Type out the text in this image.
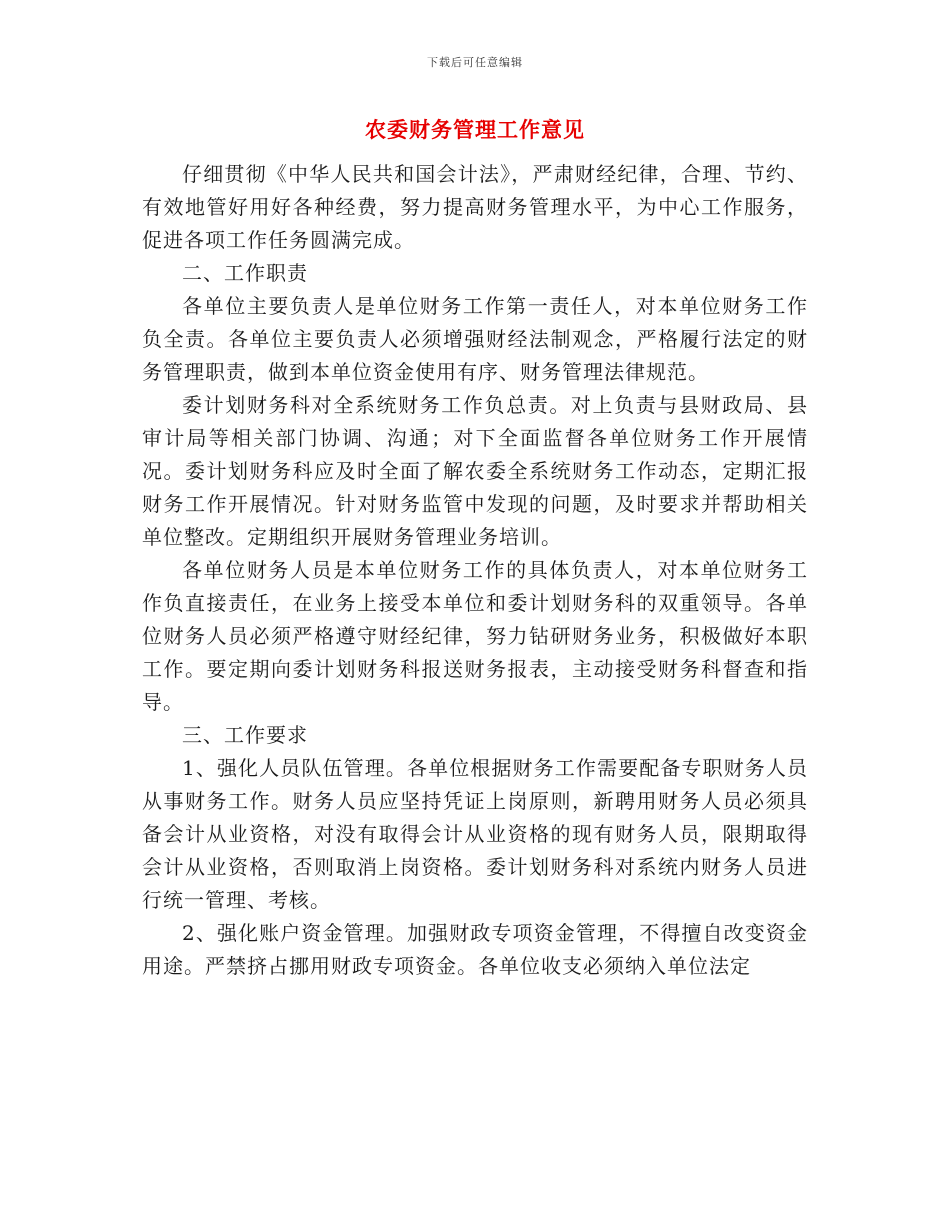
下载后可任意编辑
农委财务管理工作意见

仔细贯彻《中华人民共和国会计法》，严肃财经纪律，合理、节约、有效地管好用好各种经费，努力提高财务管理水平，为中心工作服务，促进各项工作任务圆满完成。

二、工作职责

各单位主要负责人是单位财务工作第一责任人，对本单位财务工作负全责。各单位主要负责人必须增强财经法制观念，严格履行法定的财务管理职责，做到本单位资金使用有序、财务管理法律规范。

委计划财务科对全系统财务工作负总责。对上负责与县财政局、县审计局等相关部门协调、沟通；对下全面监督各单位财务工作开展情况。委计划财务科应及时全面了解农委全系统财务工作动态，定期汇报财务工作开展情况。针对财务监管中发现的问题，及时要求并帮助相关单位整改。定期组织开展财务管理业务培训。

各单位财务人员是本单位财务工作的具体负责人，对本单位财务工作负直接责任，在业务上接受本单位和委计划财务科的双重领导。各单位财务人员必须严格遵守财经纪律，努力钻研财务业务，积极做好本职工作。要定期向委计划财务科报送财务报表，主动接受财务科督查和指导。

三、工作要求

1、强化人员队伍管理。各单位根据财务工作需要配备专职财务人员从事财务工作。财务人员应坚持凭证上岗原则，新聘用财务人员必须具备会计从业资格，对没有取得会计从业资格的现有财务人员，限期取得会计从业资格，否则取消上岗资格。委计划财务科对系统内财务人员进行统一管理、考核。

2、强化账户资金管理。加强财政专项资金管理，不得擅自改变资金用途。严禁挤占挪用财政专项资金。各单位收支必须纳入单位法定
